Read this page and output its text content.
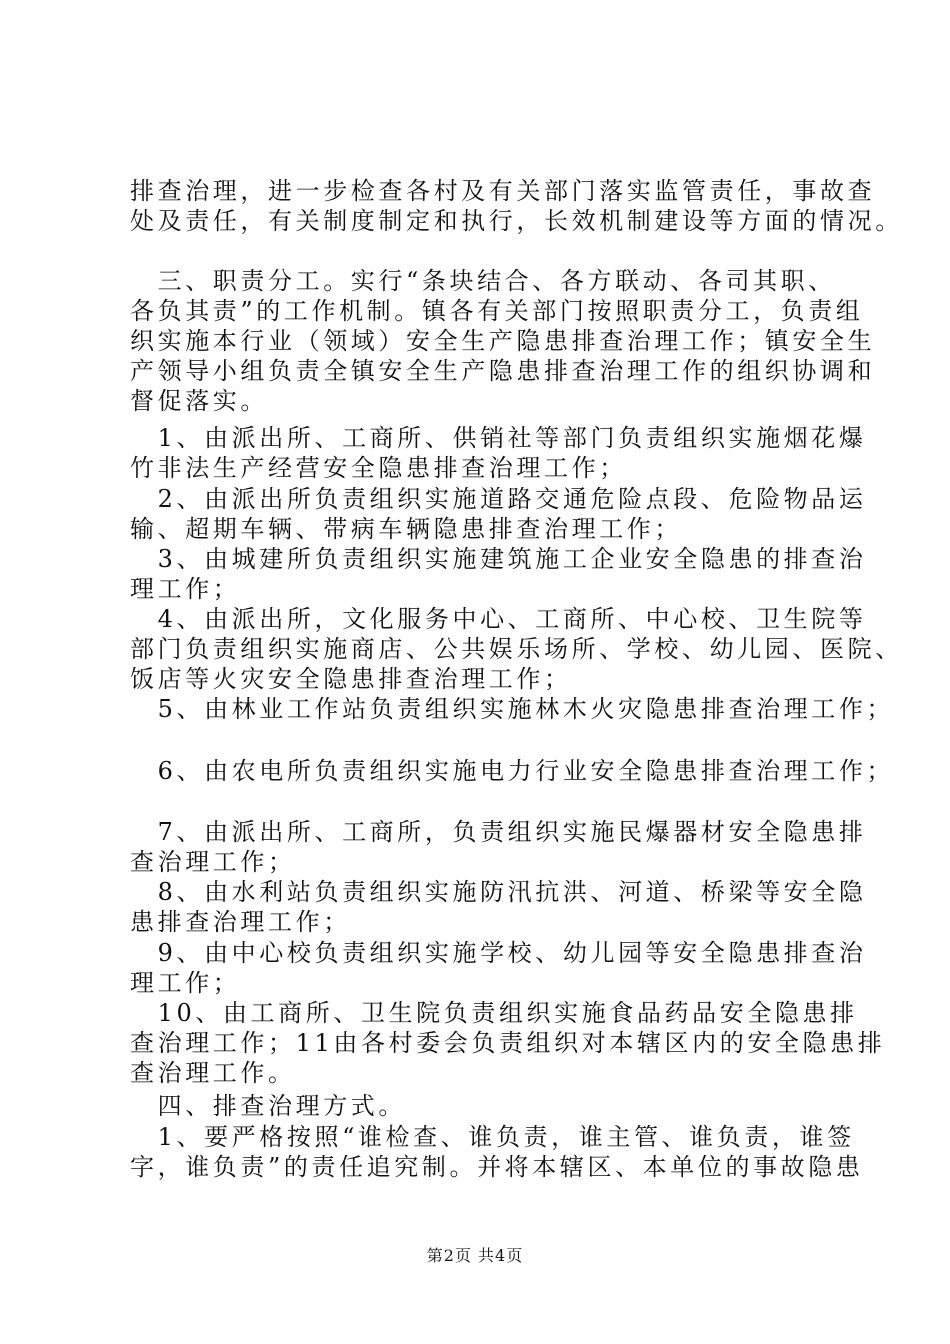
排查治理，进一步检查各村及有关部门落实监管责任，事故查
处及责任，有关制度制定和执行，长效机制建设等方面的情况。
　三、职责分工。实行“条块结合、各方联动、各司其职、
各负其责”的工作机制。镇各有关部门按照职责分工，负责组
织实施本行业（领域）安全生产隐患排查治理工作；镇安全生
产领导小组负责全镇安全生产隐患排查治理工作的组织协调和
督促落实。
　1、由派出所、工商所、供销社等部门负责组织实施烟花爆
竹非法生产经营安全隐患排查治理工作；
　2、由派出所负责组织实施道路交通危险点段、危险物品运
输、超期车辆、带病车辆隐患排查治理工作；
　3、由城建所负责组织实施建筑施工企业安全隐患的排查治
理工作；
　4、由派出所，文化服务中心、工商所、中心校、卫生院等
部门负责组织实施商店、公共娱乐场所、学校、幼儿园、医院、
饭店等火灾安全隐患排查治理工作；
　5、由林业工作站负责组织实施林木火灾隐患排查治理工作；
　6、由农电所负责组织实施电力行业安全隐患排查治理工作；
　7、由派出所、工商所，负责组织实施民爆器材安全隐患排
查治理工作；
　8、由水利站负责组织实施防汛抗洪、河道、桥梁等安全隐
患排查治理工作；
　9、由中心校负责组织实施学校、幼儿园等安全隐患排查治
理工作；
　10、由工商所、卫生院负责组织实施食品药品安全隐患排
查治理工作；11由各村委会负责组织对本辖区内的安全隐患排
查治理工作。
　四、排查治理方式。
　1、要严格按照“谁检查、谁负责，谁主管、谁负责，谁签
字，谁负责”的责任追究制。并将本辖区、本单位的事故隐患
第2页 共4页
